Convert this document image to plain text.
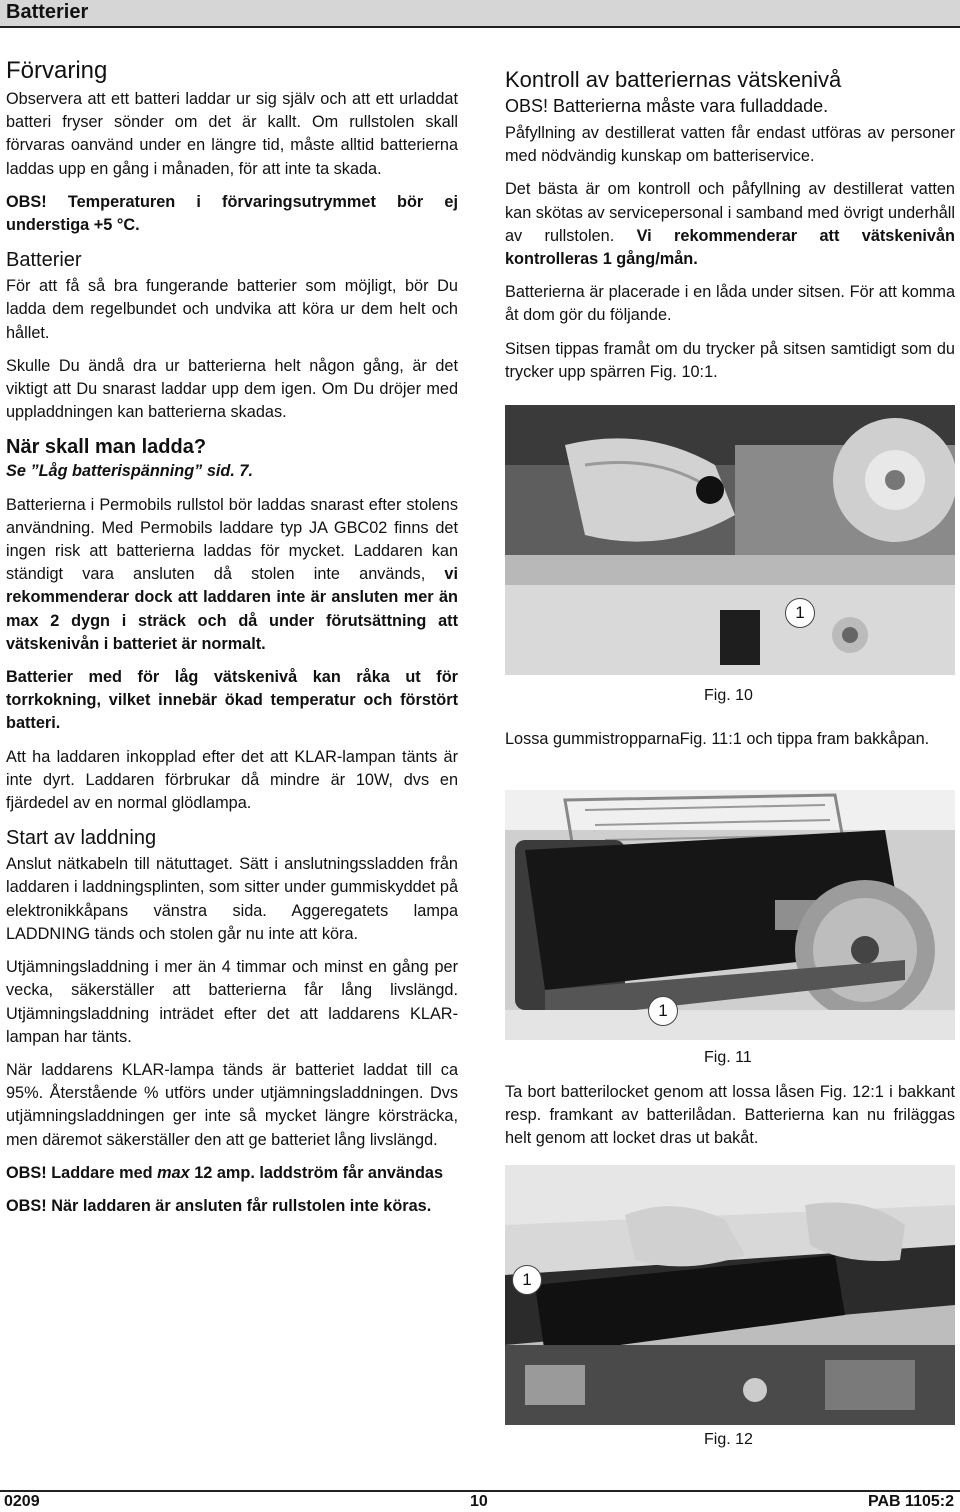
Batterier
Förvaring

Observera att ett batteri laddar ur sig själv och att ett urladdat batteri fryser sönder om det är kallt. Om rullstolen skall förvaras oanvänd under en längre tid, måste alltid batterierna laddas upp en gång i månaden, för att inte ta skada.

OBS! Temperaturen i förvaringsutrymmet bör ej understiga +5 °C.

Batterier

För att få så bra fungerande batterier som möjligt, bör Du ladda dem regelbundet och undvika att köra ur dem helt och hållet.

Skulle Du ändå dra ur batterierna helt någon gång, är det viktigt att Du snarast laddar upp dem igen. Om Du dröjer med uppladdningen kan batterierna skadas.

När skall man ladda?

Se ”Låg batterispänning” sid. 7.

Batterierna i Permobils rullstol bör laddas snarast efter stolens användning. Med Permobils laddare typ JA GBC02 finns det ingen risk att batterierna laddas för mycket. Laddaren kan ständigt vara ansluten då stolen inte används, vi rekommenderar dock att laddaren inte är ansluten mer än max 2 dygn i sträck och då under förutsättning att vätskenivån i batteriet är normalt.

Batterier med för låg vätskenivå kan råka ut för torrkokning, vilket innebär ökad temperatur och förstört batteri.

Att ha laddaren inkopplad efter det att KLAR-lampan tänts är inte dyrt. Laddaren förbrukar då mindre är 10W, dvs en fjärdedel av en normal glödlampa.

Start av laddning

Anslut nätkabeln till nätuttaget. Sätt i anslutningssladden från laddaren i laddningsplinten, som sitter under gummiskyddet på elektronikkåpans vänstra sida. Aggeregatets lampa LADDNING tänds och stolen går nu inte att köra.

Utjämningsladdning i mer än 4 timmar och minst en gång per vecka, säkerställer att batterierna får lång livslängd. Utjämningsladdning inträdet efter det att laddarens KLAR-lampan har tänts.

När laddarens KLAR-lampa tänds är batteriet laddat till ca 95%. Återstående % utförs under utjämningsladdningen. Dvs utjämningsladdningen ger inte så mycket längre körsträcka, men däremot säkerställer den att ge batteriet lång livslängd.

OBS! Laddare med max 12 amp. laddström får användas

OBS! När laddaren är ansluten får rullstolen inte köras.

Kontroll av batteriernas vätskenivå
OBS! Batterierna måste vara fulladdade.

Påfyllning av destillerat vatten får endast utföras av personer med nödvändig kunskap om batteriservice.

Det bästa är om kontroll och påfyllning av destillerat vatten kan skötas av servicepersonal i samband med övrigt underhåll av rullstolen. Vi rekommenderar att vätskenivån kontrolleras 1 gång/mån.

Batterierna är placerade i en låda under sitsen. För att komma åt dom gör du följande.

Sitsen tippas framåt om du trycker på sitsen samtidigt som du trycker upp spärren Fig. 10:1.

1
Fig. 10

Lossa gummistropparnaFig. 11:1 och tippa fram bakkåpan.

1
Fig. 11

Ta bort batterilocket genom att lossa låsen Fig. 12:1 i bakkant resp. framkant av batterilådan. Batterierna kan nu friläggas helt genom att locket dras ut bakåt.

1
Fig. 12
0209	10	PAB 1105:2
